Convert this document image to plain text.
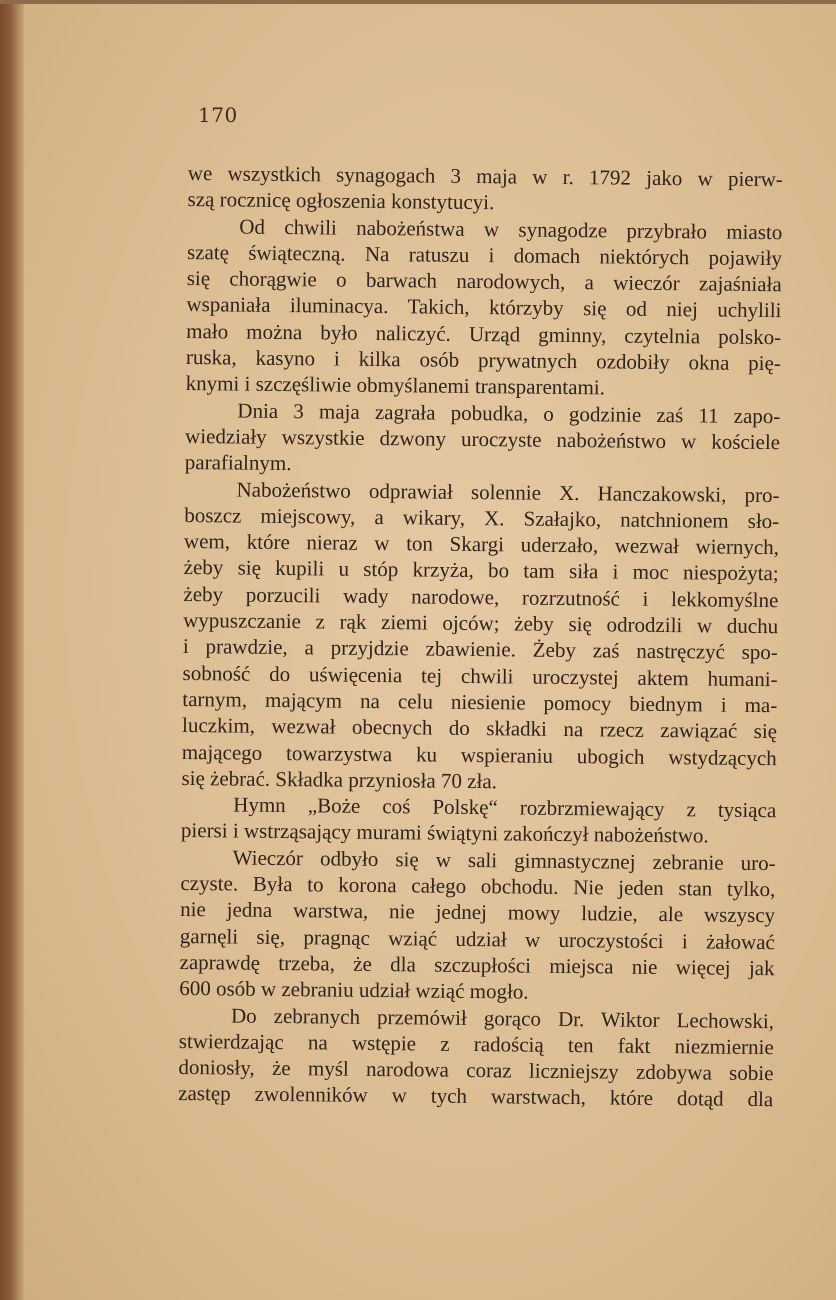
170
we wszystkich synagogach 3 maja w r. 1792 jako w pierw-
szą rocznicę ogłoszenia konstytucyi.
Od chwili nabożeństwa w synagodze przybrało miasto
szatę świąteczną. Na ratuszu i domach niektórych pojawiły
się chorągwie o barwach narodowych, a wieczór zajaśniała
wspaniała iluminacya. Takich, którzyby się od niej uchylili
mało można było naliczyć. Urząd gminny, czytelnia polsko-
ruska, kasyno i kilka osób prywatnych ozdobiły okna pię-
knymi i szczęśliwie obmyślanemi transparentami.
Dnia 3 maja zagrała pobudka, o godzinie zaś 11 zapo-
wiedziały wszystkie dzwony uroczyste nabożeństwo w kościele
parafialnym.
Nabożeństwo odprawiał solennie X. Hanczakowski, pro-
boszcz miejscowy, a wikary, X. Szałajko, natchnionem sło-
wem, które nieraz w ton Skargi uderzało, wezwał wiernych,
żeby się kupili u stóp krzyża, bo tam siła i moc niespożyta;
żeby porzucili wady narodowe, rozrzutność i lekkomyślne
wypuszczanie z rąk ziemi ojców; żeby się odrodzili w duchu
i prawdzie, a przyjdzie zbawienie. Żeby zaś nastręczyć spo-
sobność do uświęcenia tej chwili uroczystej aktem humani-
tarnym, mającym na celu niesienie pomocy biednym i ma-
luczkim, wezwał obecnych do składki na rzecz zawiązać się
mającego towarzystwa ku wspieraniu ubogich wstydzących
się żebrać. Składka przyniosła 70 zła.
Hymn „Boże coś Polskę“ rozbrzmiewający z tysiąca
piersi i wstrząsający murami świątyni zakończył nabożeństwo.
Wieczór odbyło się w sali gimnastycznej zebranie uro-
czyste. Była to korona całego obchodu. Nie jeden stan tylko,
nie jedna warstwa, nie jednej mowy ludzie, ale wszyscy
garnęli się, pragnąc wziąć udział w uroczystości i żałować
zaprawdę trzeba, że dla szczupłości miejsca nie więcej jak
600 osób w zebraniu udział wziąć mogło.
Do zebranych przemówił gorąco Dr. Wiktor Lechowski,
stwierdzając na wstępie z radością ten fakt niezmiernie
doniosły, że myśl narodowa coraz liczniejszy zdobywa sobie
zastęp zwolenników w tych warstwach, które dotąd dla
